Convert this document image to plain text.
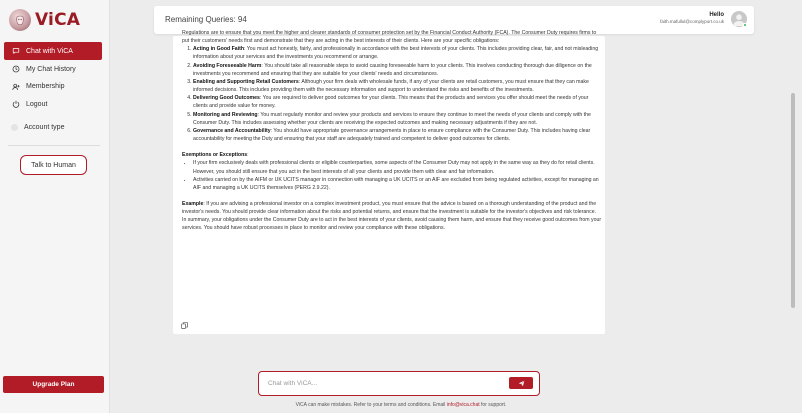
ViCA
Chat with ViCA
My Chat History
Membership
Logout
Account type
Talk to Human
Upgrade Plan
Remaining Queries: 94	Hello
faith.mafullul@complyport.co.uk

Regulations are to ensure that you meet the higher and clearer standards of consumer protection set by the Financial Conduct Authority (FCA). The Consumer Duty requires firms to put their customers' needs first and demonstrate that they are acting in the best interests of their clients. Here are your specific obligations:

1. Acting in Good Faith: You must act honestly, fairly, and professionally in accordance with the best interests of your clients. This includes providing clear, fair, and not misleading information about your services and the investments you recommend or arrange.
2. Avoiding Foreseeable Harm: You should take all reasonable steps to avoid causing foreseeable harm to your clients. This involves conducting thorough due diligence on the investments you recommend and ensuring that they are suitable for your clients' needs and circumstances.
3. Enabling and Supporting Retail Customers: Although your firm deals with wholesale funds, if any of your clients are retail customers, you must ensure that they can make informed decisions. This includes providing them with the necessary information and support to understand the risks and benefits of the investments.
4. Delivering Good Outcomes: You are required to deliver good outcomes for your clients. This means that the products and services you offer should meet the needs of your clients and provide value for money.
5. Monitoring and Reviewing: You must regularly monitor and review your products and services to ensure they continue to meet the needs of your clients and comply with the Consumer Duty. This includes assessing whether your clients are receiving the expected outcomes and making necessary adjustments if they are not.
6. Governance and Accountability: You should have appropriate governance arrangements in place to ensure compliance with the Consumer Duty. This includes having clear accountability for meeting the Duty and ensuring that your staff are adequately trained and competent to deliver good outcomes for clients.

Exemptions or Exceptions:

• If your firm exclusively deals with professional clients or eligible counterparties, some aspects of the Consumer Duty may not apply in the same way as they do for retail clients. However, you should still ensure that you act in the best interests of all your clients and provide them with clear and fair information.
• Activities carried on by the AIFM or UK UCITS manager in connection with managing a UK UCITS or an AIF are excluded from being regulated activities, except for managing an AIF and managing a UK UCITS themselves (PERG 2.9.22).

Example: If you are advising a professional investor on a complex investment product, you must ensure that the advice is based on a thorough understanding of the product and the investor's needs. You should provide clear information about the risks and potential returns, and ensure that the investment is suitable for the investor's objectives and risk tolerance.

In summary, your obligations under the Consumer Duty are to act in the best interests of your clients, avoid causing them harm, and ensure that they receive good outcomes from your services. You should have robust processes in place to monitor and review your compliance with these obligations.

Chat with ViCA...
ViCA can make mistakes. Refer to your terms and conditions. Email info@vica.chat for support.
